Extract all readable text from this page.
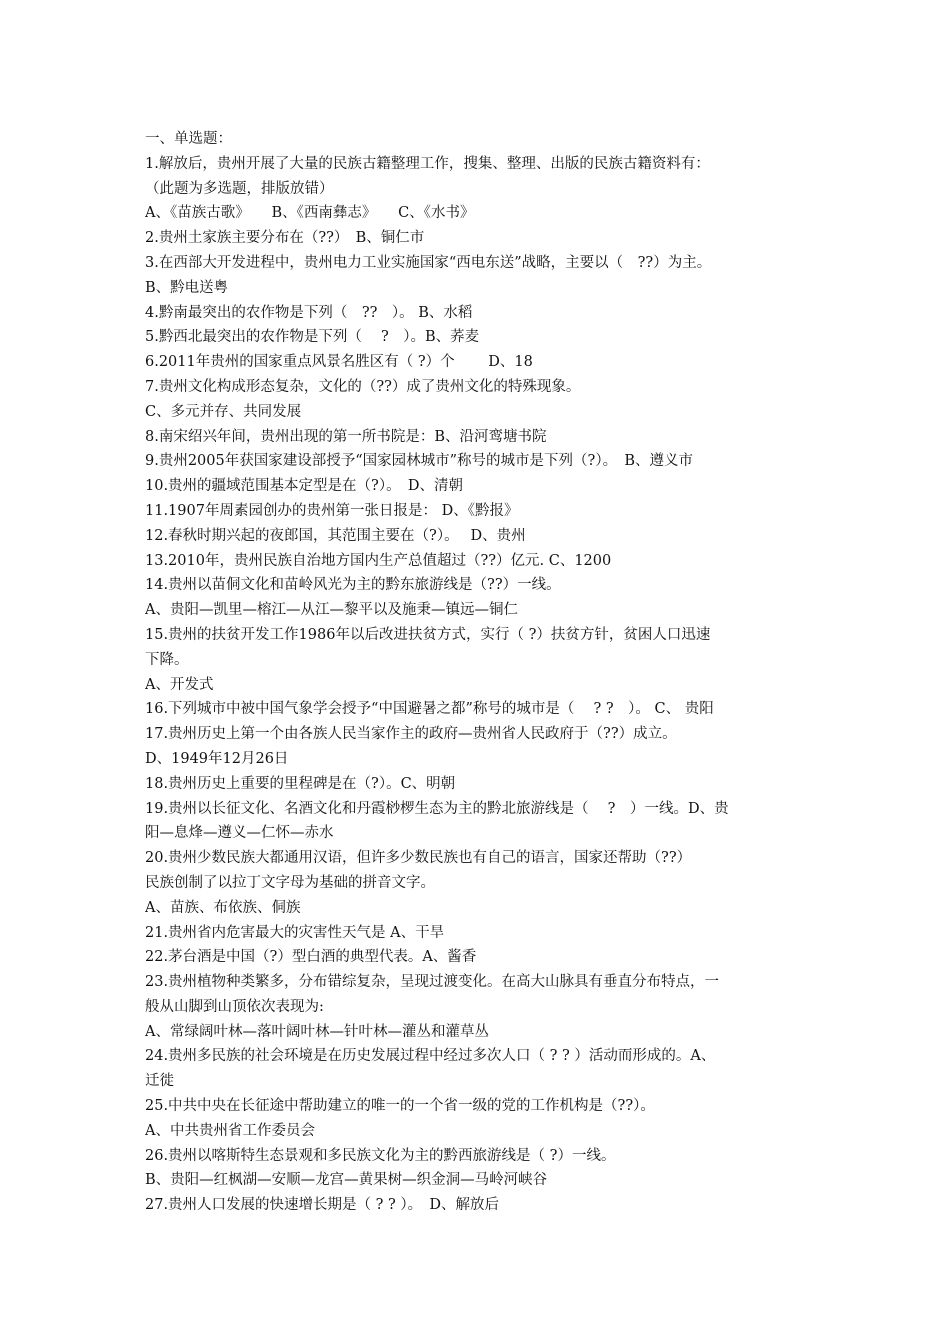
一、单选题：
1.解放后，贵州开展了大量的民族古籍整理工作，搜集、整理、出版的民族古籍资料有：
（此题为多选题，排版放错）
A、《苗族古歌》　　B、《西南彝志》　　C、《水书》
2.贵州土家族主要分布在（??）　B、铜仁市
3.在西部大开发进程中，贵州电力工业实施国家“西电东送”战略，主要以（　??）为主。
B、黔电送粤
4.黔南最突出的农作物是下列（　??　）。 B、水稻
5.黔西北最突出的农作物是下列（　 ?　）。B、荞麦
6.2011年贵州的国家重点风景名胜区有（ ?）个　　 D、18
7.贵州文化构成形态复杂，文化的（??）成了贵州文化的特殊现象。
C、多元并存、共同发展
8.南宋绍兴年间，贵州出现的第一所书院是：B、沿河鸾塘书院
9.贵州2005年获国家建设部授予“国家园林城市”称号的城市是下列（?）。　B、遵义市
10.贵州的疆域范围基本定型是在（?）。　D、清朝
11.1907年周素园创办的贵州第一张日报是： D、《黔报》
12.春秋时期兴起的夜郎国，其范围主要在（?）。　 D、贵州
13.2010年，贵州民族自治地方国内生产总值超过（??）亿元. C、1200
14.贵州以苗侗文化和苗岭风光为主的黔东旅游线是（??）一线。
A、贵阳—凯里—榕江—从江—黎平以及施秉—镇远—铜仁
15.贵州的扶贫开发工作1986年以后改进扶贫方式，实行（ ?）扶贫方针，贫困人口迅速
下降。
A、开发式
16.下列城市中被中国气象学会授予“中国避暑之都”称号的城市是（　 ? ?　）。 C、 贵阳
17.贵州历史上第一个由各族人民当家作主的政府—贵州省人民政府于（??）成立。
D、1949年12月26日
18.贵州历史上重要的里程碑是在（?）。C、明朝
19.贵州以长征文化、名酒文化和丹霞桫椤生态为主的黔北旅游线是（　 ?　）一线。D、贵
阳—息烽—遵义—仁怀—赤水
20.贵州少数民族大都通用汉语，但许多少数民族也有自己的语言，国家还帮助（??）
民族创制了以拉丁文字母为基础的拼音文字。
A、苗族、布依族、侗族
21.贵州省内危害最大的灾害性天气是 A、干旱
22.茅台酒是中国（?）型白酒的典型代表。A、酱香
23.贵州植物种类繁多，分布错综复杂，呈现过渡变化。在高大山脉具有垂直分布特点，一
般从山脚到山顶依次表现为:
A、常绿阔叶林—落叶阔叶林—针叶林—灌丛和灌草丛
24.贵州多民族的社会环境是在历史发展过程中经过多次人口（ ? ? ）活动而形成的。A、
迁徙
25.中共中央在长征途中帮助建立的唯一的一个省一级的党的工作机构是（??）。
A、中共贵州省工作委员会
26.贵州以喀斯特生态景观和多民族文化为主的黔西旅游线是（ ?）一线。
B、贵阳—红枫湖—安顺—龙宫—黄果树—织金洞—马岭河峡谷
27.贵州人口发展的快速增长期是（ ? ? ）。　D、解放后
